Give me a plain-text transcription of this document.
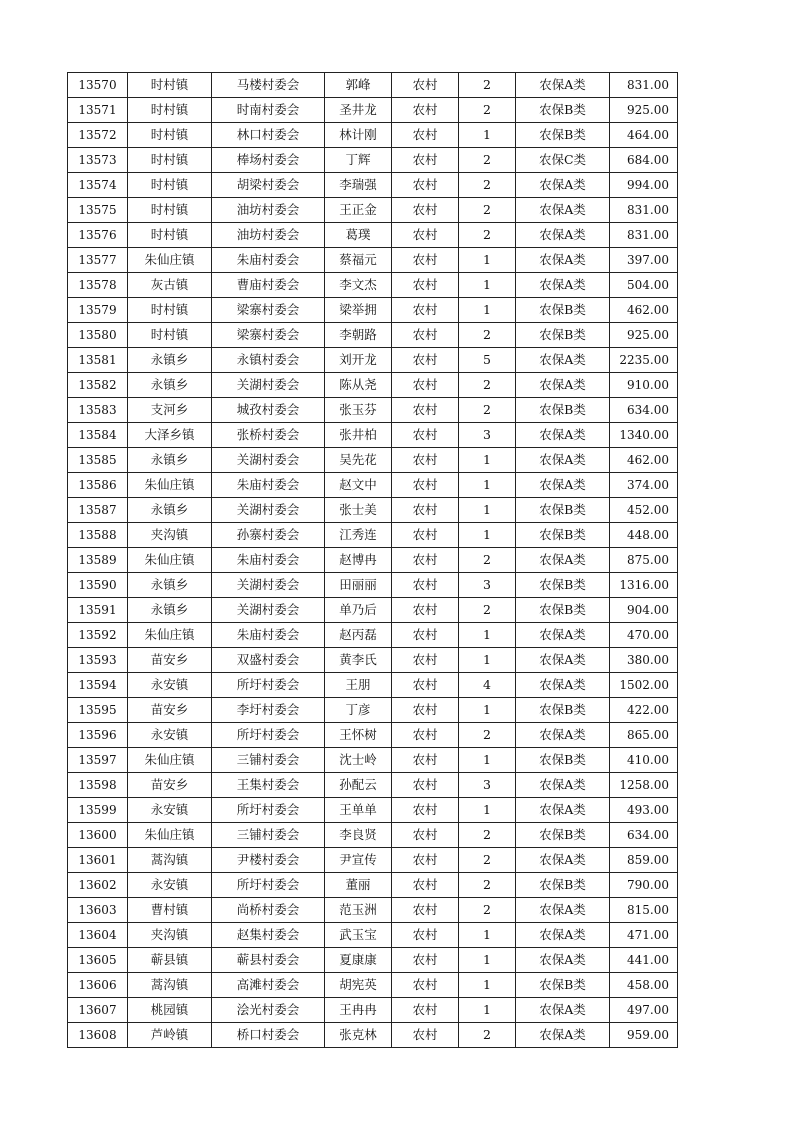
13570	时村镇	马楼村委会	郭峰	农村	2	农保A类	831.00
13571	时村镇	时南村委会	圣井龙	农村	2	农保B类	925.00
13572	时村镇	林口村委会	林计刚	农村	1	农保B类	464.00
13573	时村镇	棒场村委会	丁辉	农村	2	农保C类	684.00
13574	时村镇	胡梁村委会	李瑞强	农村	2	农保A类	994.00
13575	时村镇	油坊村委会	王正金	农村	2	农保A类	831.00
13576	时村镇	油坊村委会	葛璞	农村	2	农保A类	831.00
13577	朱仙庄镇	朱庙村委会	蔡福元	农村	1	农保A类	397.00
13578	灰古镇	曹庙村委会	李文杰	农村	1	农保A类	504.00
13579	时村镇	梁寨村委会	梁举拥	农村	1	农保B类	462.00
13580	时村镇	梁寨村委会	李朝路	农村	2	农保B类	925.00
13581	永镇乡	永镇村委会	刘开龙	农村	5	农保A类	2235.00
13582	永镇乡	关湖村委会	陈从尧	农村	2	农保A类	910.00
13583	支河乡	城孜村委会	张玉芬	农村	2	农保B类	634.00
13584	大泽乡镇	张桥村委会	张井柏	农村	3	农保A类	1340.00
13585	永镇乡	关湖村委会	吴先花	农村	1	农保A类	462.00
13586	朱仙庄镇	朱庙村委会	赵文中	农村	1	农保A类	374.00
13587	永镇乡	关湖村委会	张士美	农村	1	农保B类	452.00
13588	夹沟镇	孙寨村委会	江秀连	农村	1	农保B类	448.00
13589	朱仙庄镇	朱庙村委会	赵博冉	农村	2	农保A类	875.00
13590	永镇乡	关湖村委会	田丽丽	农村	3	农保B类	1316.00
13591	永镇乡	关湖村委会	单乃后	农村	2	农保B类	904.00
13592	朱仙庄镇	朱庙村委会	赵丙磊	农村	1	农保A类	470.00
13593	苗安乡	双盛村委会	黄李氏	农村	1	农保A类	380.00
13594	永安镇	所圩村委会	王朋	农村	4	农保A类	1502.00
13595	苗安乡	李圩村委会	丁彦	农村	1	农保B类	422.00
13596	永安镇	所圩村委会	王怀树	农村	2	农保A类	865.00
13597	朱仙庄镇	三铺村委会	沈士岭	农村	1	农保B类	410.00
13598	苗安乡	王集村委会	孙配云	农村	3	农保A类	1258.00
13599	永安镇	所圩村委会	王单单	农村	1	农保A类	493.00
13600	朱仙庄镇	三铺村委会	李良贤	农村	2	农保B类	634.00
13601	蒿沟镇	尹楼村委会	尹宣传	农村	2	农保A类	859.00
13602	永安镇	所圩村委会	董丽	农村	2	农保B类	790.00
13603	曹村镇	尚桥村委会	范玉洲	农村	2	农保A类	815.00
13604	夹沟镇	赵集村委会	武玉宝	农村	1	农保A类	471.00
13605	蕲县镇	蕲县村委会	夏康康	农村	1	农保A类	441.00
13606	蒿沟镇	高滩村委会	胡宪英	农村	1	农保B类	458.00
13607	桃园镇	浍光村委会	王冉冉	农村	1	农保A类	497.00
13608	芦岭镇	桥口村委会	张克林	农村	2	农保A类	959.00
